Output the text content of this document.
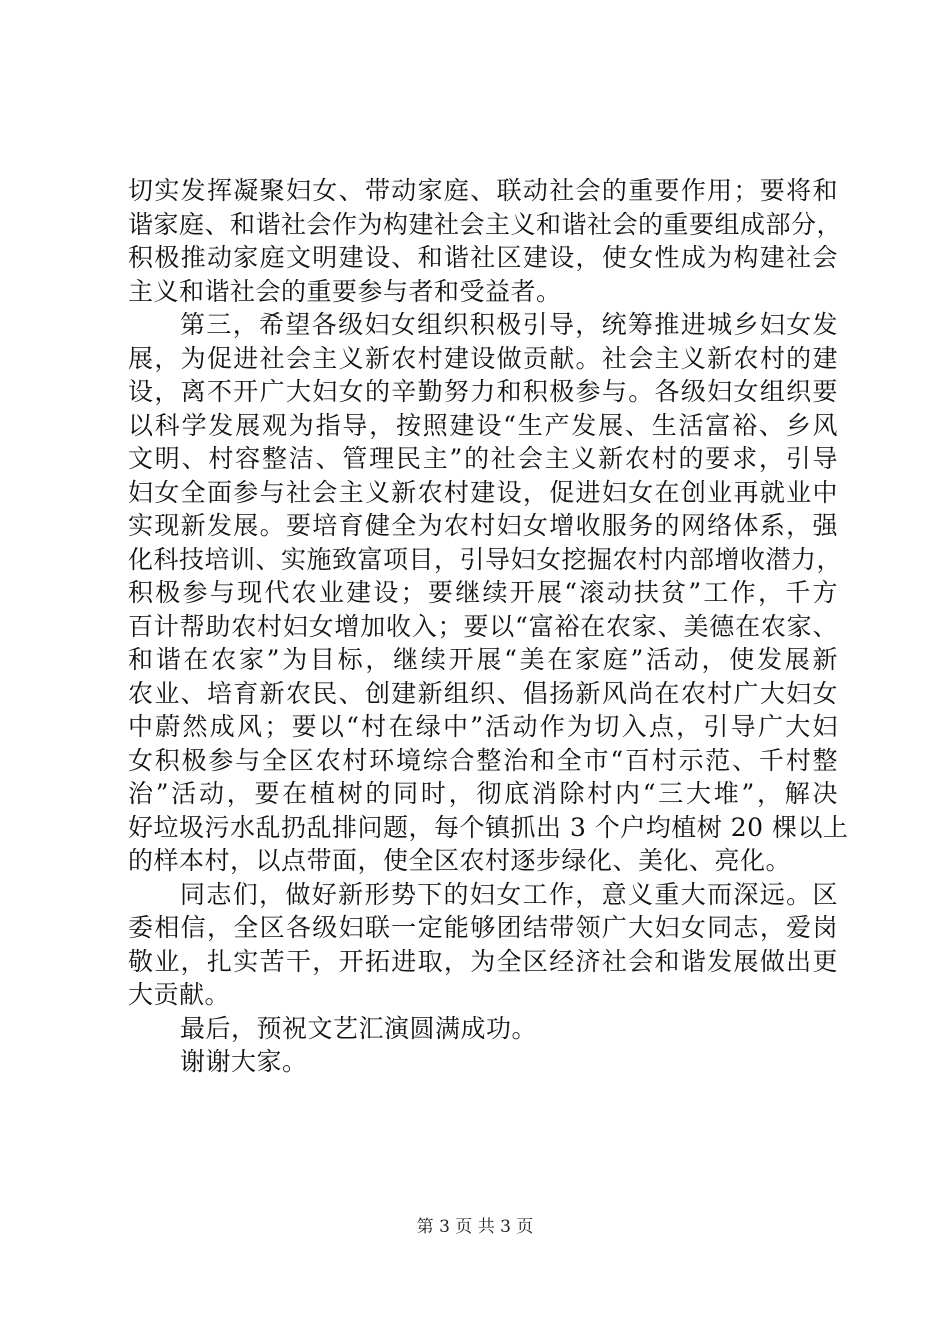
切实发挥凝聚妇女、带动家庭、联动社会的重要作用；要将和
谐家庭、和谐社会作为构建社会主义和谐社会的重要组成部分，
积极推动家庭文明建设、和谐社区建设，使女性成为构建社会
主义和谐社会的重要参与者和受益者。
第三，希望各级妇女组织积极引导，统筹推进城乡妇女发
展，为促进社会主义新农村建设做贡献。社会主义新农村的建
设，离不开广大妇女的辛勤努力和积极参与。各级妇女组织要
以科学发展观为指导，按照建设“生产发展、生活富裕、乡风
文明、村容整洁、管理民主”的社会主义新农村的要求，引导
妇女全面参与社会主义新农村建设，促进妇女在创业再就业中
实现新发展。要培育健全为农村妇女增收服务的网络体系，强
化科技培训、实施致富项目，引导妇女挖掘农村内部增收潜力，
积极参与现代农业建设；要继续开展“滚动扶贫”工作，千方
百计帮助农村妇女增加收入；要以“富裕在农家、美德在农家、
和谐在农家”为目标，继续开展“美在家庭”活动，使发展新
农业、培育新农民、创建新组织、倡扬新风尚在农村广大妇女
中蔚然成风；要以“村在绿中”活动作为切入点，引导广大妇
女积极参与全区农村环境综合整治和全市“百村示范、千村整
治”活动，要在植树的同时，彻底消除村内“三大堆”，解决
好垃圾污水乱扔乱排问题，每个镇抓出 3 个户均植树 20 棵以上
的样本村，以点带面，使全区农村逐步绿化、美化、亮化。
同志们，做好新形势下的妇女工作，意义重大而深远。区
委相信，全区各级妇联一定能够团结带领广大妇女同志，爱岗
敬业，扎实苦干，开拓进取，为全区经济社会和谐发展做出更
大贡献。
最后，预祝文艺汇演圆满成功。
谢谢大家。
第 3 页 共 3 页
